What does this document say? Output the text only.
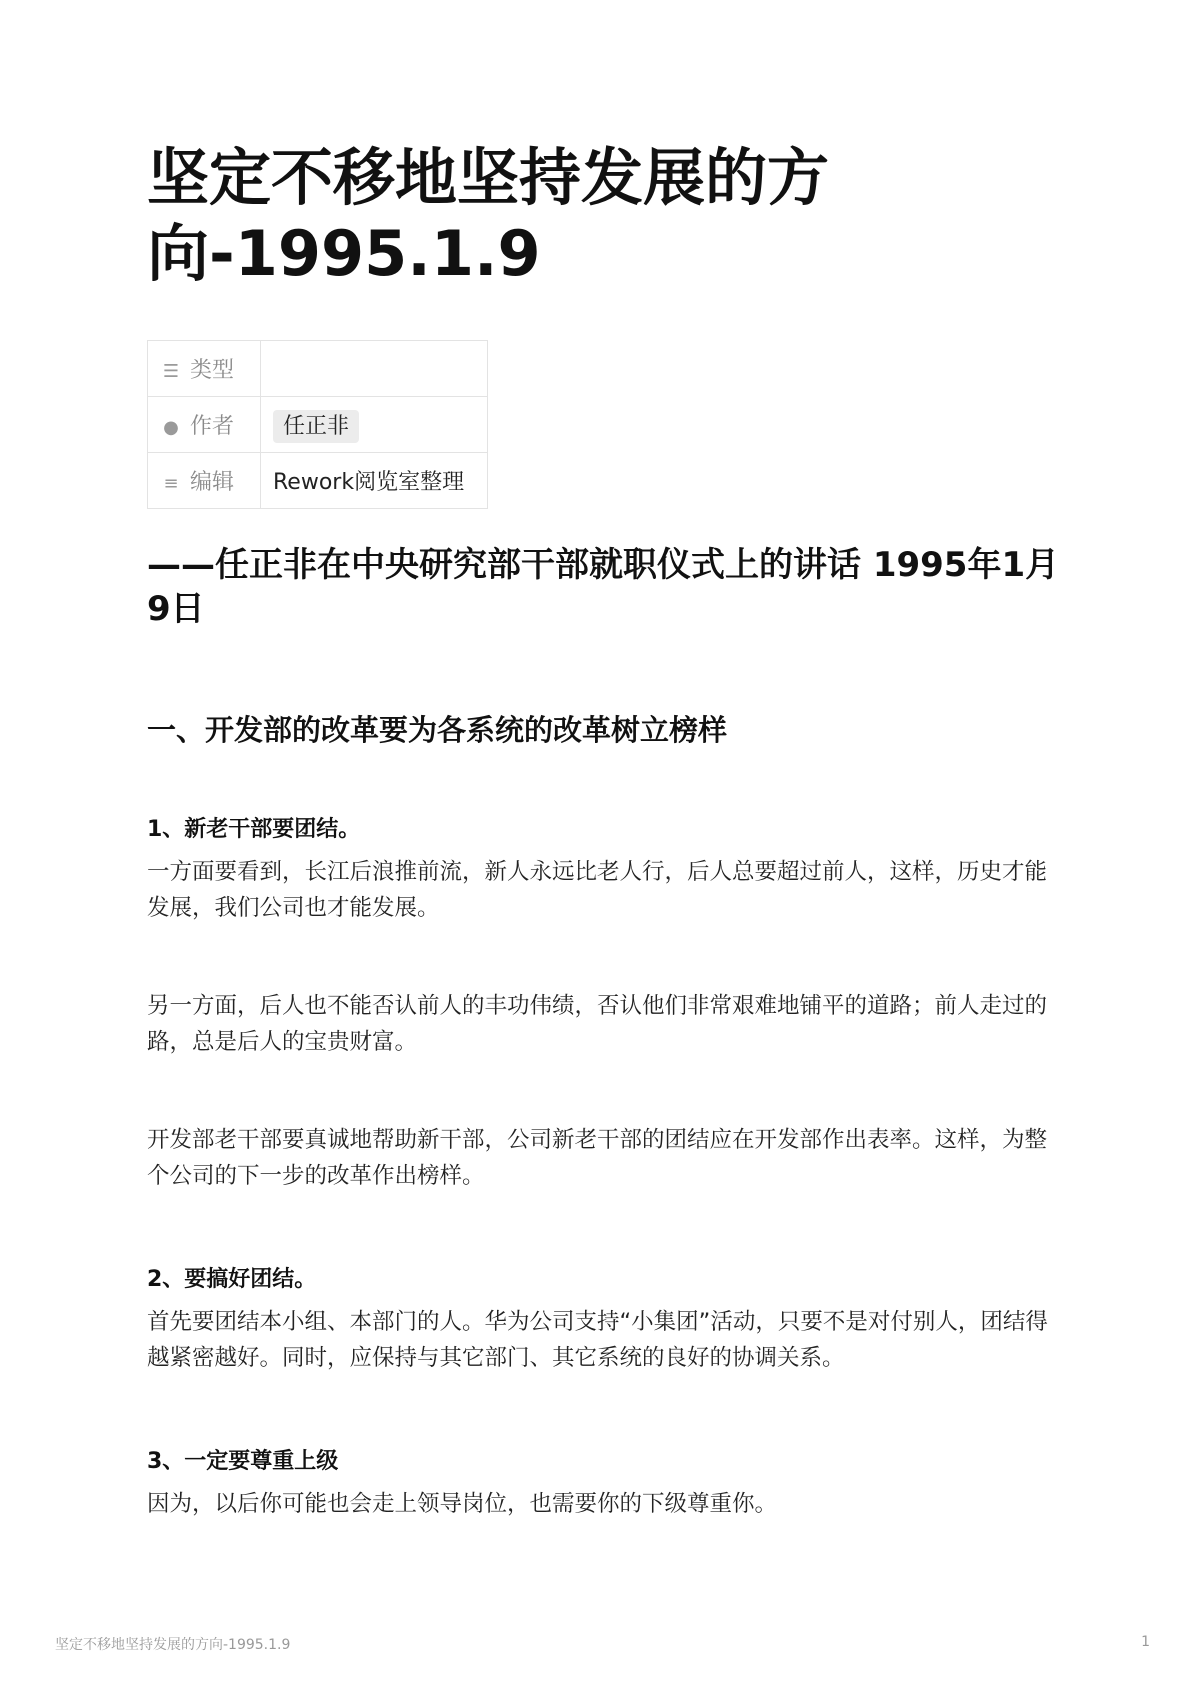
坚定不移地坚持发展的方向-1995.1.9
☰ 类型	
● 作者	任正非
≡ 编辑	Rework阅览室整理
——任正非在中央研究部干部就职仪式上的讲话 1995年1月9日
一、开发部的改革要为各系统的改革树立榜样
1、新老干部要团结。

一方面要看到，长江后浪推前流，新人永远比老人行，后人总要超过前人，这样，历史才能发展，我们公司也才能发展。

另一方面，后人也不能否认前人的丰功伟绩，否认他们非常艰难地铺平的道路；前人走过的路，总是后人的宝贵财富。

开发部老干部要真诚地帮助新干部，公司新老干部的团结应在开发部作出表率。这样，为整个公司的下一步的改革作出榜样。

2、要搞好团结。

首先要团结本小组、本部门的人。华为公司支持“小集团”活动，只要不是对付别人，团结得越紧密越好。同时，应保持与其它部门、其它系统的良好的协调关系。

3、一定要尊重上级

因为，以后你可能也会走上领导岗位，也需要你的下级尊重你。

坚定不移地坚持发展的方向-1995.1.9	1
